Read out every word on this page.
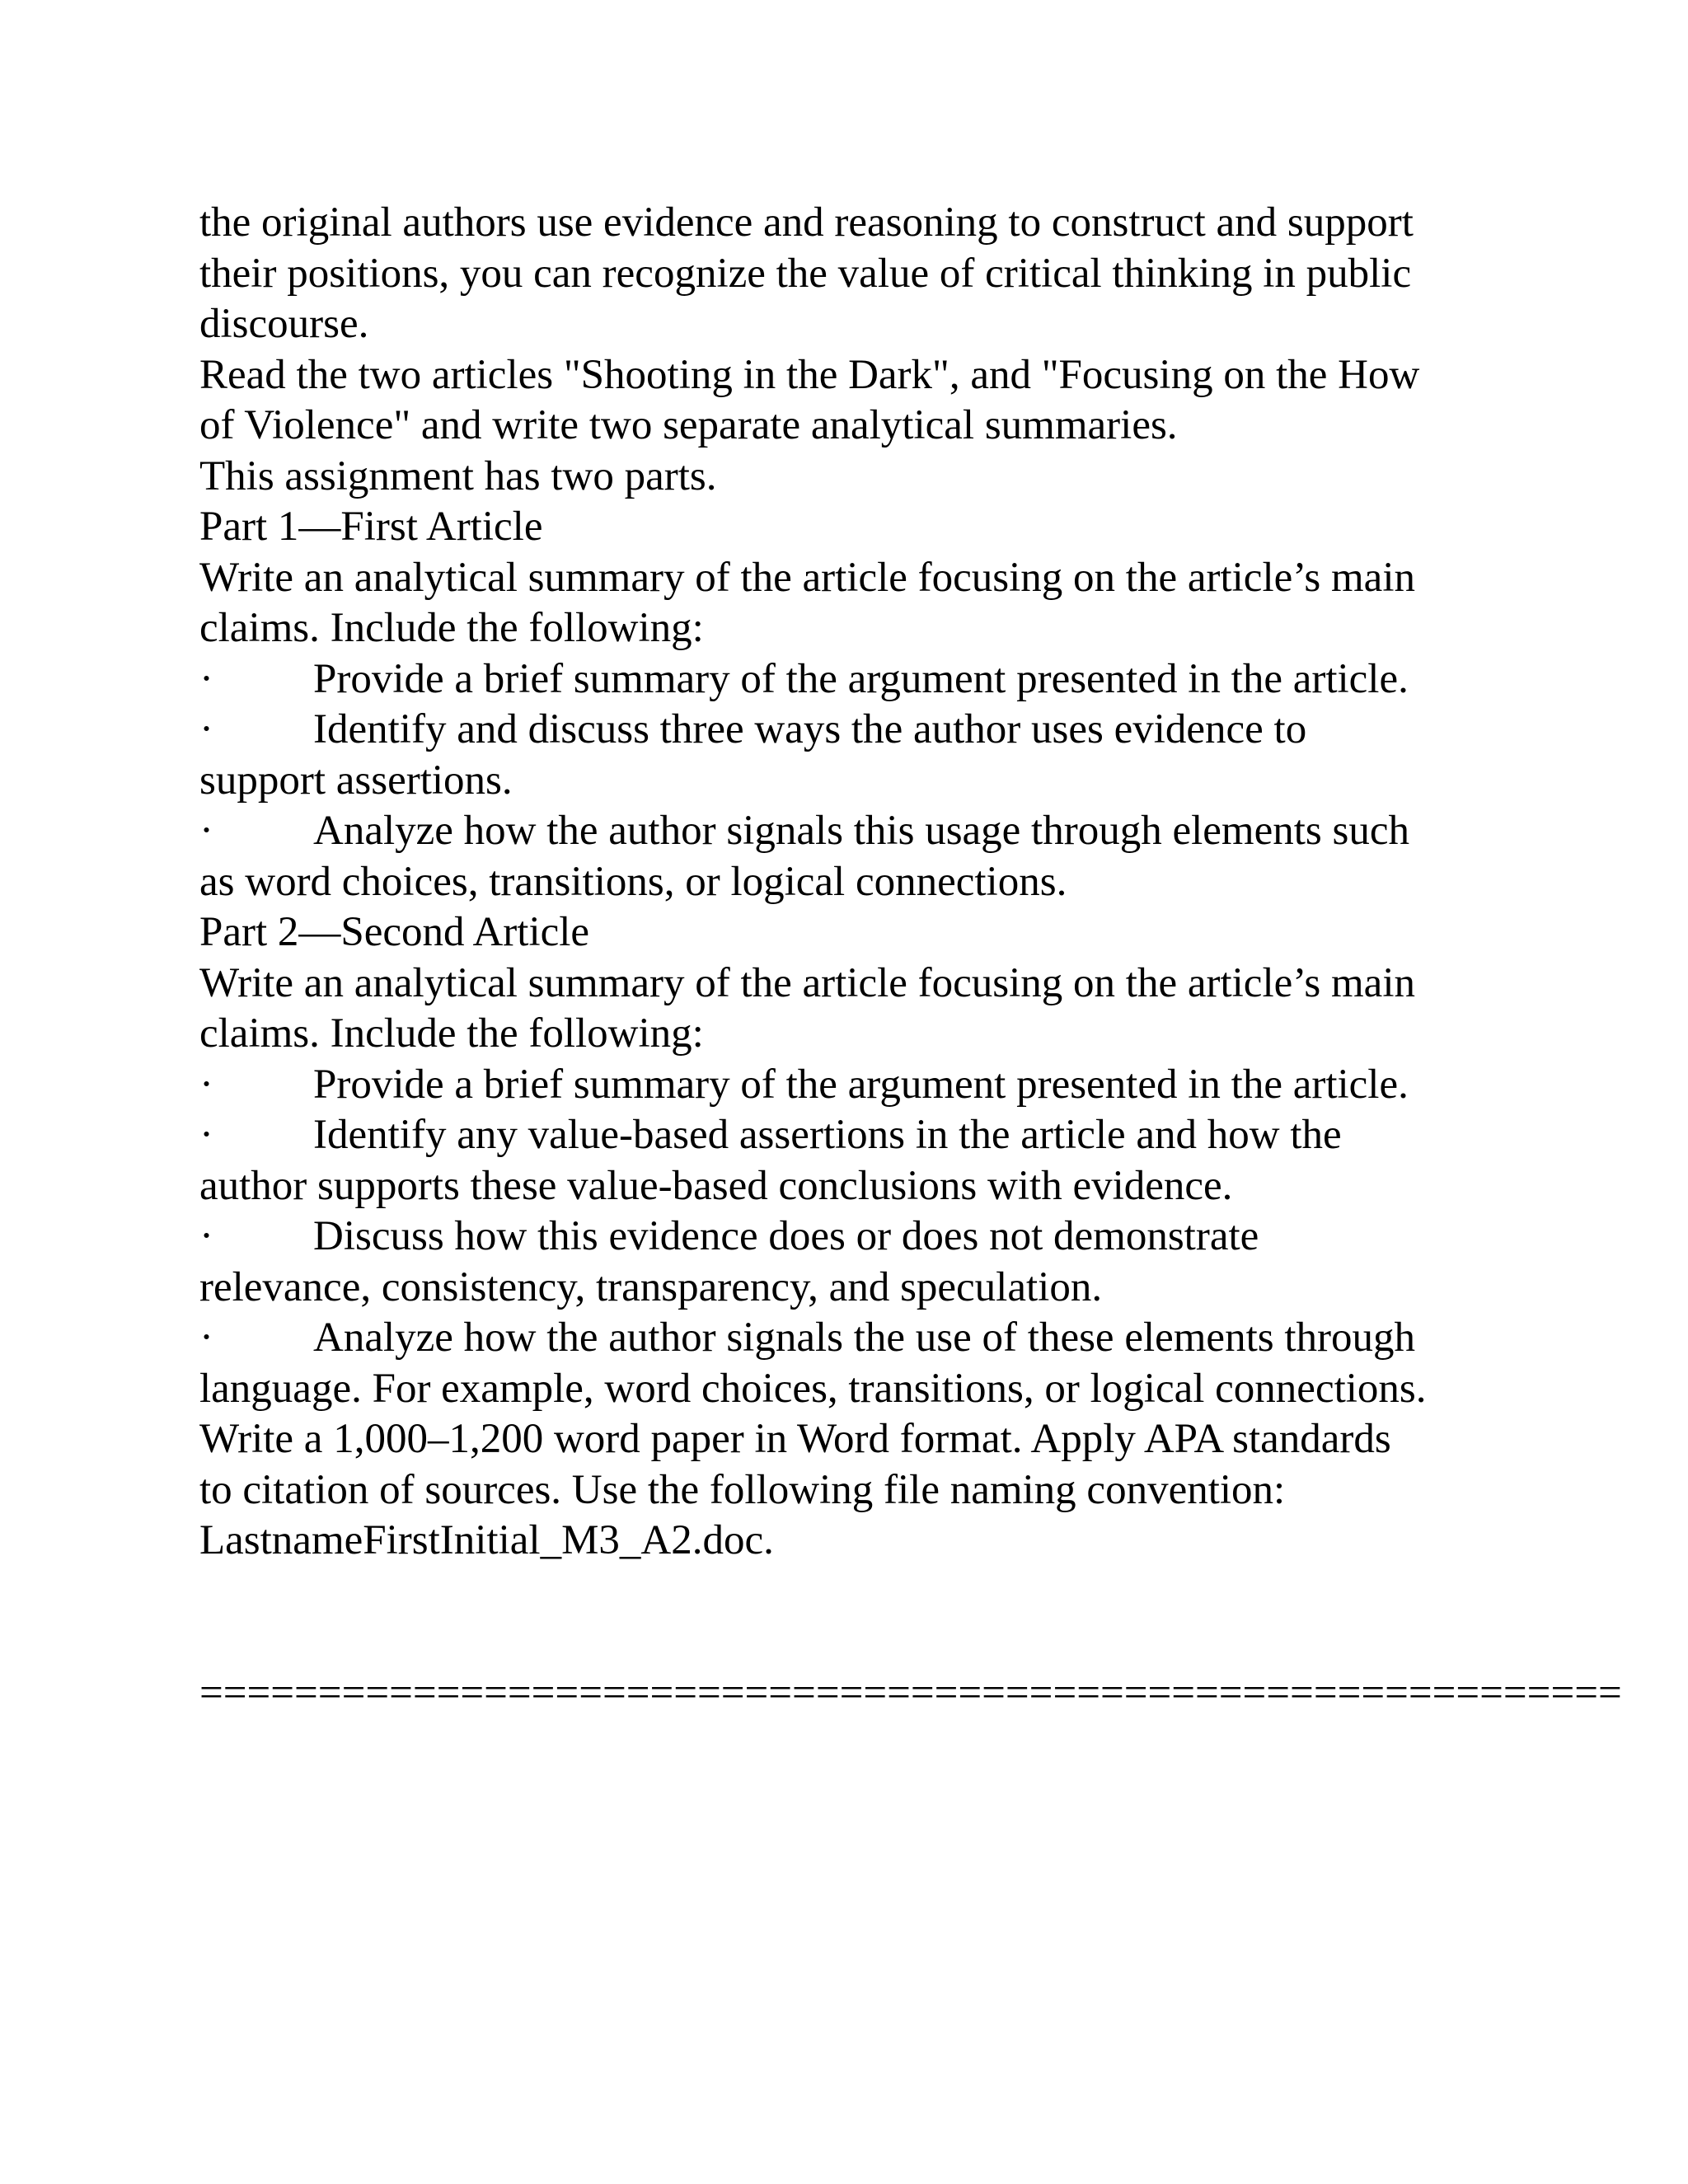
the original authors use evidence and reasoning to construct and support
their positions, you can recognize the value of critical thinking in public
discourse.
Read the two articles "Shooting in the Dark", and "Focusing on the How
of Violence" and write two separate analytical summaries.
This assignment has two parts.
Part 1—First Article
Write an analytical summary of the article focusing on the article’s main
claims. Include the following:
· Provide a brief summary of the argument presented in the article.
· Identify and discuss three ways the author uses evidence to
support assertions.
· Analyze how the author signals this usage through elements such
as word choices, transitions, or logical connections.
Part 2—Second Article
Write an analytical summary of the article focusing on the article’s main
claims. Include the following:
· Provide a brief summary of the argument presented in the article.
· Identify any value-based assertions in the article and how the
author supports these value-based conclusions with evidence.
· Discuss how this evidence does or does not demonstrate
relevance, consistency, transparency, and speculation.
· Analyze how the author signals the use of these elements through
language. For example, word choices, transitions, or logical connections.
Write a 1,000–1,200 word paper in Word format. Apply APA standards
to citation of sources. Use the following file naming convention:
LastnameFirstInitial_M3_A2.doc.
============================================================
